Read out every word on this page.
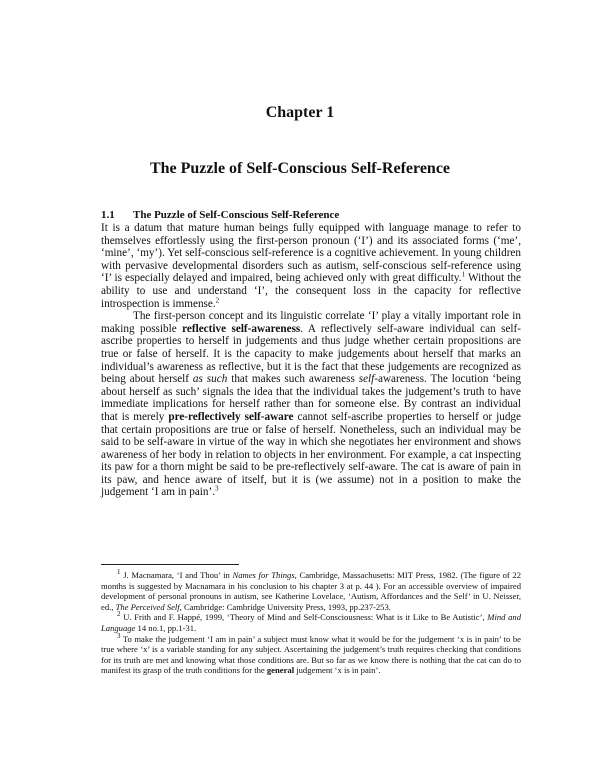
Chapter 1
The Puzzle of Self-Conscious Self-Reference
1.1 The Puzzle of Self-Conscious Self-Reference

It is a datum that mature human beings fully equipped with language manage to refer to themselves effortlessly using the first-person pronoun (‘I’) and its associated forms (‘me’, ‘mine’, ‘my’). Yet self-conscious self-reference is a cognitive achievement. In young children with pervasive developmental disorders such as autism, self-conscious self-reference using ‘I’ is especially delayed and impaired, being achieved only with great difficulty.$^1$ Without the ability to use and understand ‘I’, the consequent loss in the capacity for reflective introspection is immense.$^2$

The first-person concept and its linguistic correlate ‘I’ play a vitally important role in making possible reflective self-awareness. A reflectively self-aware individual can self-ascribe properties to herself in judgements and thus judge whether certain propositions are true or false of herself. It is the capacity to make judgements about herself that marks an individual’s awareness as reflective, but it is the fact that these judgements are recognized as being about herself as such that makes such awareness self-awareness. The locution ‘being about herself as such’ signals the idea that the individual takes the judgement’s truth to have immediate implications for herself rather than for someone else. By contrast an individual that is merely pre-reflectively self-aware cannot self-ascribe properties to herself or judge that certain propositions are true or false of herself. Nonetheless, such an individual may be said to be self-aware in virtue of the way in which she negotiates her environment and shows awareness of her body in relation to objects in her environment. For example, a cat inspecting its paw for a thorn might be said to be pre-reflectively self-aware. The cat is aware of pain in its paw, and hence aware of itself, but it is (we assume) not in a position to make the judgement ‘I am in pain’.$^3$

$^1$ J. Macnamara, ‘I and Thou’ in Names for Things, Cambridge, Massachusetts: MIT Press, 1982. (The figure of 22 months is suggested by Macnamara in his conclusion to his chapter 3 at p. 44 ). For an accessible overview of impaired development of personal pronouns in autism, see Katherine Lovelace, ‘Autism, Affordances and the Self’ in U. Neisser, ed., The Perceived Self, Cambridge: Cambridge University Press, 1993, pp.237-253.

$^2$ U. Frith and F. Happé, 1999, ‘Theory of Mind and Self-Consciousness: What is it Like to Be Autistic’, Mind and Language 14 no.1, pp.1-31.

$^3$ To make the judgement ‘I am in pain’ a subject must know what it would be for the judgement ‘x is in pain’ to be true where ‘x’ is a variable standing for any subject. Ascertaining the judgement’s truth requires checking that conditions for its truth are met and knowing what those conditions are. But so far as we know there is nothing that the cat can do to manifest its grasp of the truth conditions for the general judgement ‘x is in pain’.
